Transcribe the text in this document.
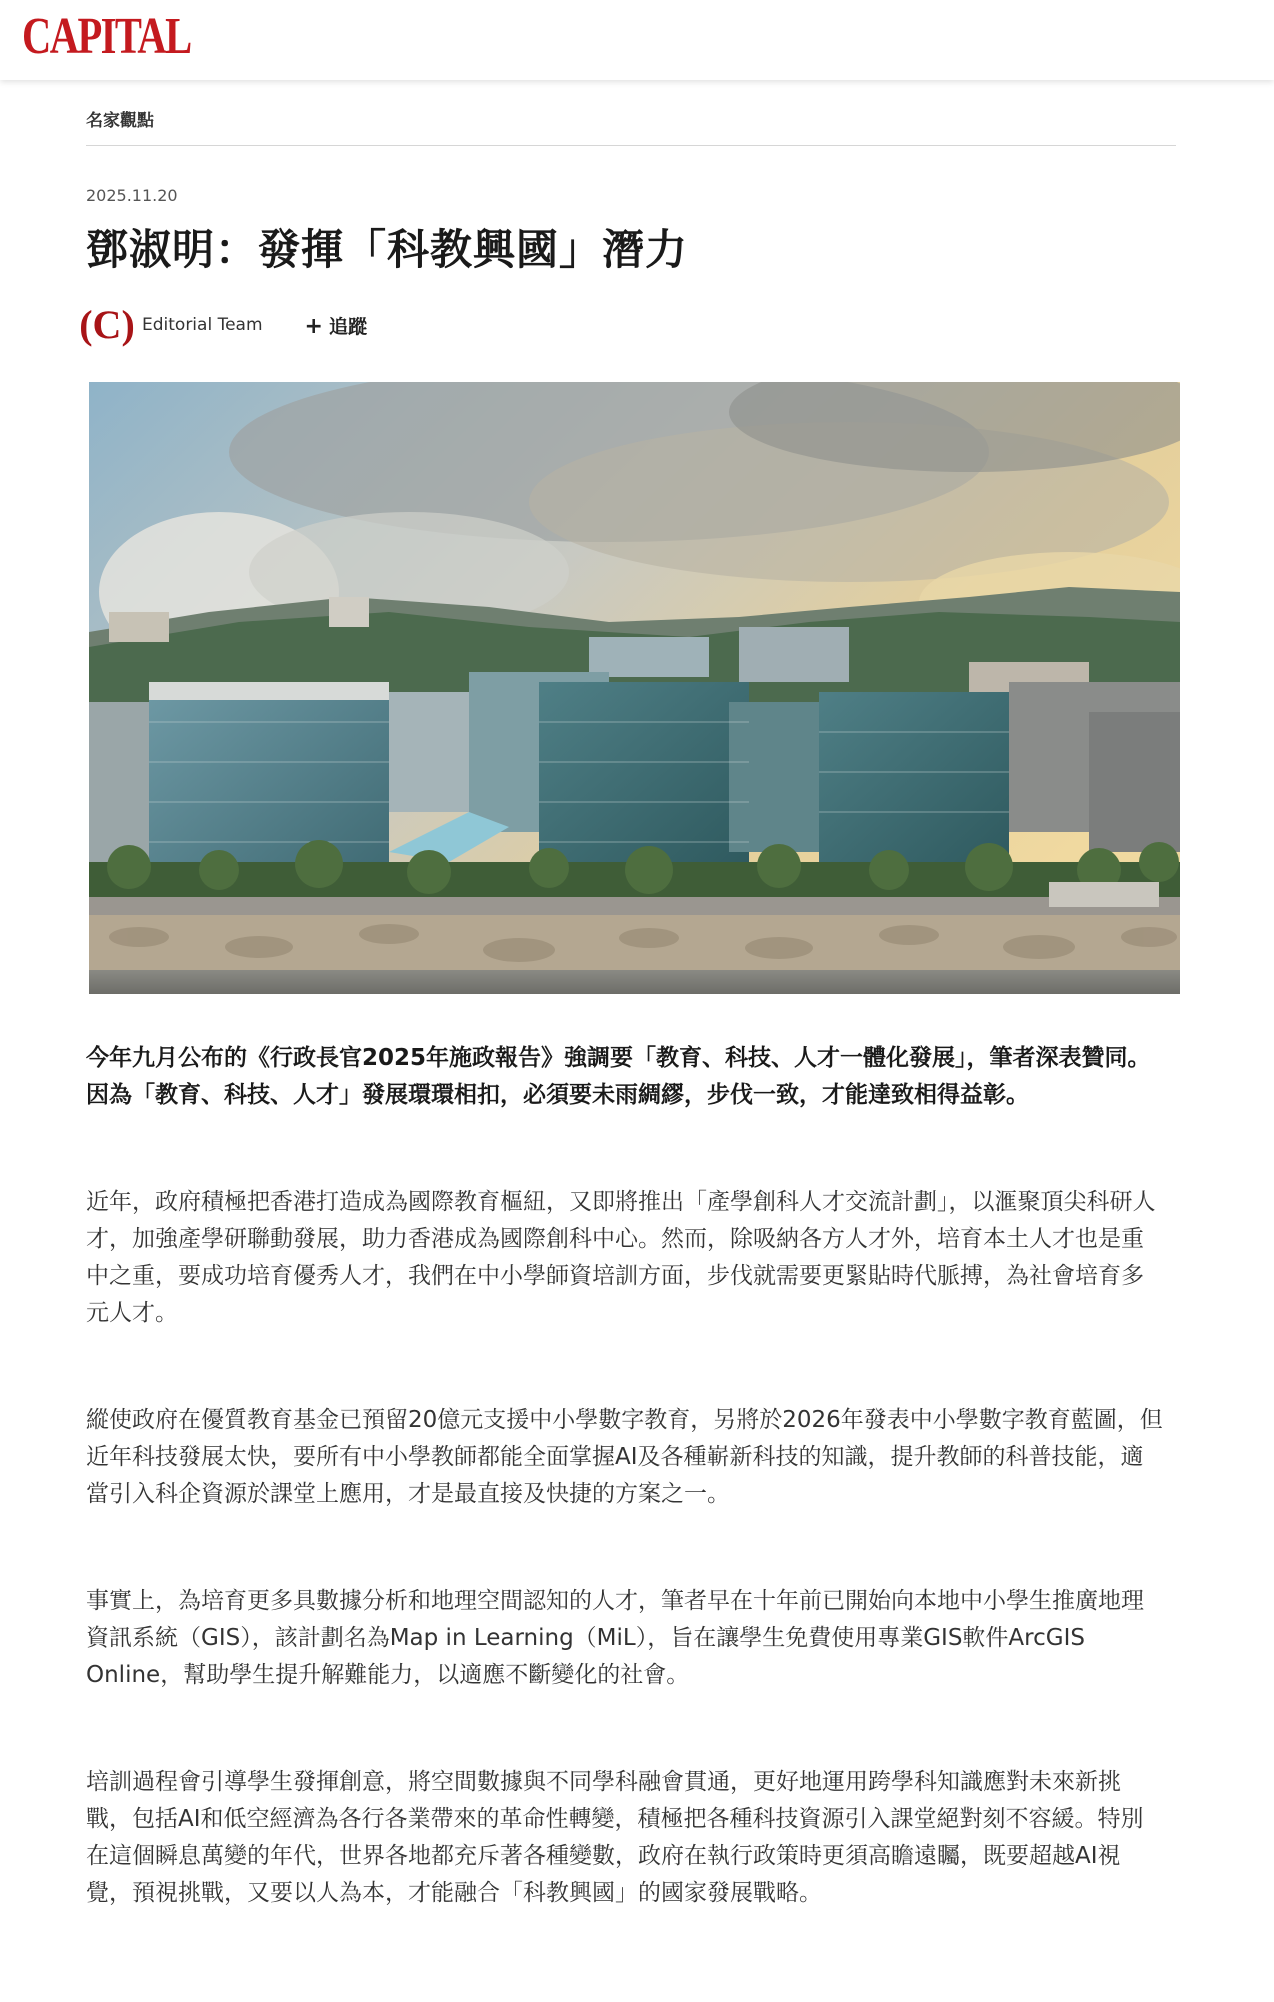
CAPITAL
名家觀點
2025.11.20
鄧淑明：發揮「科教興國」潛力
(C) Editorial Team + 追蹤

今年九月公布的《行政長官2025年施政報告》強調要「教育、科技、人才一體化發展」，筆者深表贊同。因為「教育、科技、人才」發展環環相扣，必須要未雨綢繆，步伐一致，才能達致相得益彰。

近年，政府積極把香港打造成為國際教育樞紐，又即將推出「產學創科人才交流計劃」，以滙聚頂尖科研人才，加強產學研聯動發展，助力香港成為國際創科中心。然而，除吸納各方人才外，培育本土人才也是重中之重，要成功培育優秀人才，我們在中小學師資培訓方面，步伐就需要更緊貼時代脈搏，為社會培育多元人才。

縱使政府在優質教育基金已預留20億元支援中小學數字教育，另將於2026年發表中小學數字教育藍圖，但近年科技發展太快，要所有中小學教師都能全面掌握AI及各種嶄新科技的知識，提升教師的科普技能，適當引入科企資源於課堂上應用，才是最直接及快捷的方案之一。

事實上，為培育更多具數據分析和地理空間認知的人才，筆者早在十年前已開始向本地中小學生推廣地理資訊系統（GIS），該計劃名為Map in Learning（MiL），旨在讓學生免費使用專業GIS軟件ArcGIS Online，幫助學生提升解難能力，以適應不斷變化的社會。

培訓過程會引導學生發揮創意，將空間數據與不同學科融會貫通，更好地運用跨學科知識應對未來新挑戰，包括AI和低空經濟為各行各業帶來的革命性轉變，積極把各種科技資源引入課堂絕對刻不容緩。特別在這個瞬息萬變的年代，世界各地都充斥著各種變數，政府在執行政策時更須高瞻遠矚，既要超越AI視覺，預視挑戰，又要以人為本，才能融合「科教興國」的國家發展戰略。
